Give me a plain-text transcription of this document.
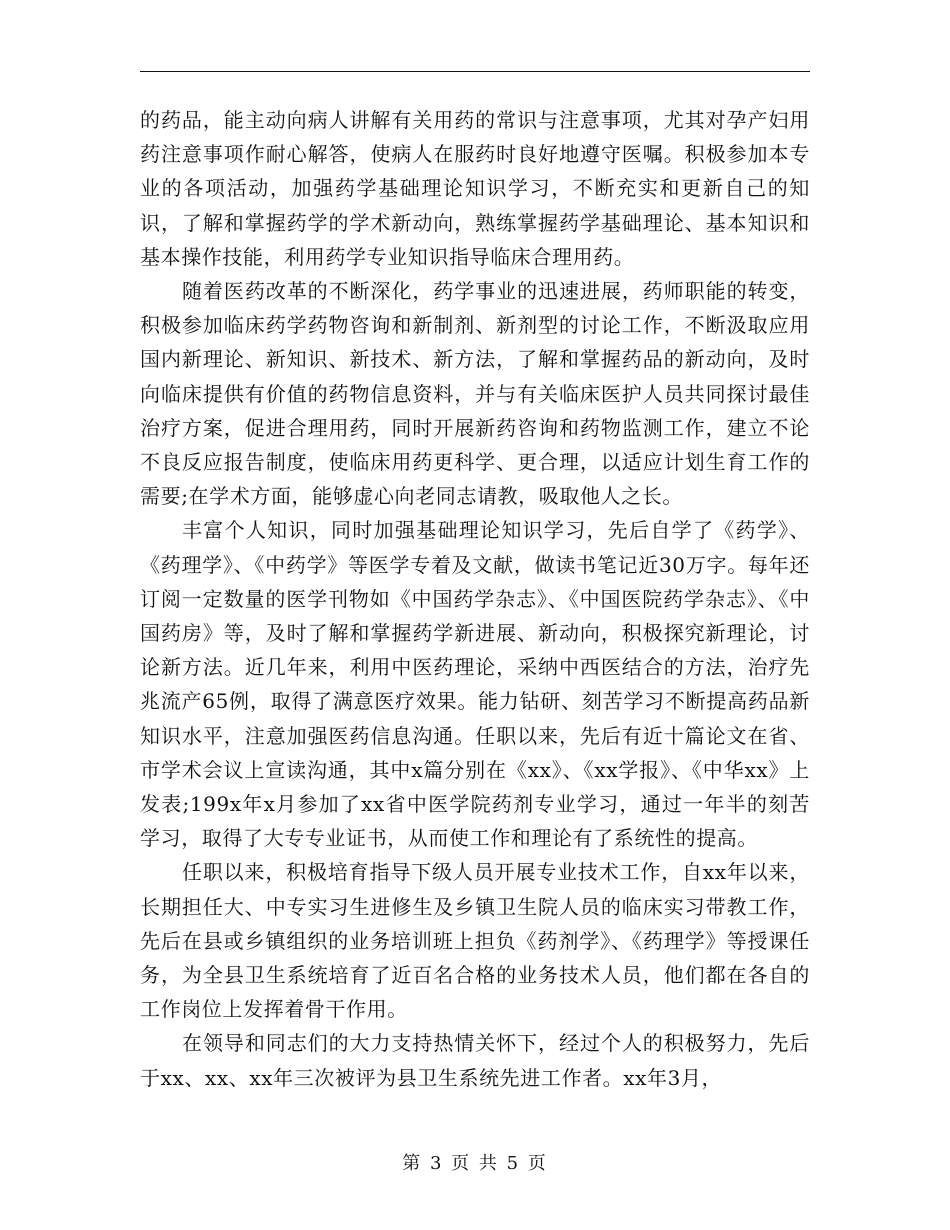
的药品，能主动向病人讲解有关用药的常识与注意事项，尤其对孕产妇用药注意事项作耐心解答，使病人在服药时良好地遵守医嘱。积极参加本专业的各项活动，加强药学基础理论知识学习，不断充实和更新自己的知识，了解和掌握药学的学术新动向，熟练掌握药学基础理论、基本知识和基本操作技能，利用药学专业知识指导临床合理用药。

随着医药改革的不断深化，药学事业的迅速进展，药师职能的转变，积极参加临床药学药物咨询和新制剂、新剂型的讨论工作，不断汲取应用国内新理论、新知识、新技术、新方法，了解和掌握药品的新动向，及时向临床提供有价值的药物信息资料，并与有关临床医护人员共同探讨最佳治疗方案，促进合理用药，同时开展新药咨询和药物监测工作，建立不论不良反应报告制度，使临床用药更科学、更合理，以适应计划生育工作的需要;在学术方面，能够虚心向老同志请教，吸取他人之长。

丰富个人知识，同时加强基础理论知识学习，先后自学了《药学》、《药理学》、《中药学》等医学专着及文献，做读书笔记近30万字。每年还订阅一定数量的医学刊物如《中国药学杂志》、《中国医院药学杂志》、《中国药房》等，及时了解和掌握药学新进展、新动向，积极探究新理论，讨论新方法。近几年来，利用中医药理论，采纳中西医结合的方法，治疗先兆流产65例，取得了满意医疗效果。能力钻研、刻苦学习不断提高药品新知识水平，注意加强医药信息沟通。任职以来，先后有近十篇论文在省、市学术会议上宣读沟通，其中x篇分别在《xx》、《xx学报》、《中华xx》上发表;199x年x月参加了xx省中医学院药剂专业学习，通过一年半的刻苦学习，取得了大专专业证书，从而使工作和理论有了系统性的提高。

任职以来，积极培育指导下级人员开展专业技术工作，自xx年以来，长期担任大、中专实习生进修生及乡镇卫生院人员的临床实习带教工作，先后在县或乡镇组织的业务培训班上担负《药剂学》、《药理学》等授课任务，为全县卫生系统培育了近百名合格的业务技术人员，他们都在各自的工作岗位上发挥着骨干作用。

在领导和同志们的大力支持热情关怀下，经过个人的积极努力，先后于xx、xx、xx年三次被评为县卫生系统先进工作者。xx年3月，

第 3 页 共 5 页
